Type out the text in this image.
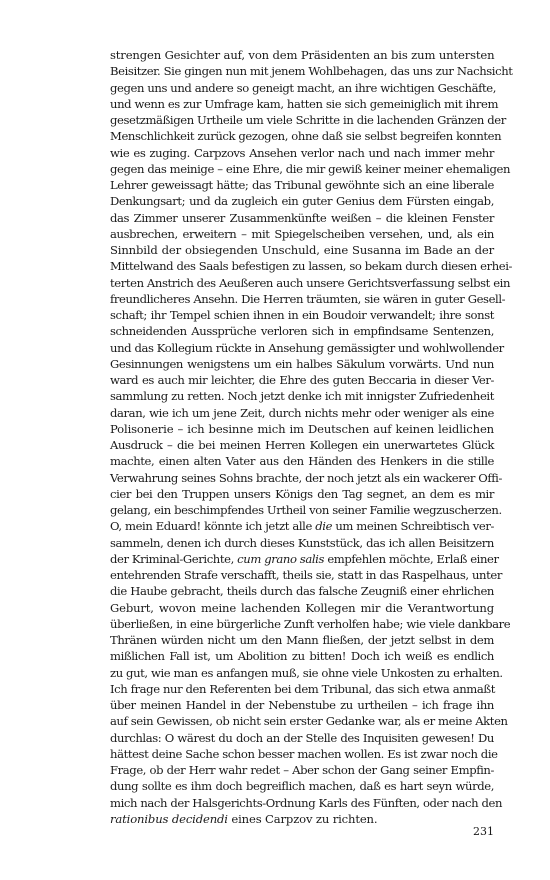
strengen Gesichter auf, von dem Präsidenten an bis zum untersten
Beisitzer. Sie gingen nun mit jenem Wohlbehagen, das uns zur Nachsicht
gegen uns und andere so geneigt macht, an ihre wichtigen Geschäfte,
und wenn es zur Umfrage kam, hatten sie sich gemeiniglich mit ihrem
gesetzmäßigen Urtheile um viele Schritte in die lachenden Gränzen der
Menschlichkeit zurück gezogen, ohne daß sie selbst begreifen konnten
wie es zuging. Carpzovs Ansehen verlor nach und nach immer mehr
gegen das meinige – eine Ehre, die mir gewiß keiner meiner ehemaligen
Lehrer geweissagt hätte; das Tribunal gewöhnte sich an eine liberale
Denkungsart; und da zugleich ein guter Genius dem Fürsten eingab,
das Zimmer unserer Zusammenkünfte weißen – die kleinen Fenster
ausbrechen, erweitern – mit Spiegelscheiben versehen, und, als ein
Sinnbild der obsiegenden Unschuld, eine Susanna im Bade an der
Mittelwand des Saals befestigen zu lassen, so bekam durch diesen erhei-
terten Anstrich des Aeußeren auch unsere Gerichtsverfassung selbst ein
freundlicheres Ansehn. Die Herren träumten, sie wären in guter Gesell-
schaft; ihr Tempel schien ihnen in ein Boudoir verwandelt; ihre sonst
schneidenden Aussprüche verloren sich in empfindsame Sentenzen,
und das Kollegium rückte in Ansehung gemässigter und wohlwollender
Gesinnungen wenigstens um ein halbes Säkulum vorwärts. Und nun
ward es auch mir leichter, die Ehre des guten Beccaria in dieser Ver-
sammlung zu retten. Noch jetzt denke ich mit innigster Zufriedenheit
daran, wie ich um jene Zeit, durch nichts mehr oder weniger als eine
Polisonerie – ich besinne mich im Deutschen auf keinen leidlichen
Ausdruck – die bei meinen Herren Kollegen ein unerwartetes Glück
machte, einen alten Vater aus den Händen des Henkers in die stille
Verwahrung seines Sohns brachte, der noch jetzt als ein wackerer Offi-
cier bei den Truppen unsers Königs den Tag segnet, an dem es mir
gelang, ein beschimpfendes Urtheil von seiner Familie wegzuscherzen.
O, mein Eduard! könnte ich jetzt alle die um meinen Schreibtisch ver-
sammeln, denen ich durch dieses Kunststück, das ich allen Beisitzern
der Kriminal-Gerichte, cum grano salis empfehlen möchte, Erlaß einer
entehrenden Strafe verschafft, theils sie, statt in das Raspelhaus, unter
die Haube gebracht, theils durch das falsche Zeugniß einer ehrlichen
Geburt, wovon meine lachenden Kollegen mir die Verantwortung
überließen, in eine bürgerliche Zunft verholfen habe; wie viele dankbare
Thränen würden nicht um den Mann fließen, der jetzt selbst in dem
mißlichen Fall ist, um Abolition zu bitten! Doch ich weiß es endlich
zu gut, wie man es anfangen muß, sie ohne viele Unkosten zu erhalten.
Ich frage nur den Referenten bei dem Tribunal, das sich etwa anmaßt
über meinen Handel in der Nebenstube zu urtheilen – ich frage ihn
auf sein Gewissen, ob nicht sein erster Gedanke war, als er meine Akten
durchlas: O wärest du doch an der Stelle des Inquisiten gewesen! Du
hättest deine Sache schon besser machen wollen. Es ist zwar noch die
Frage, ob der Herr wahr redet – Aber schon der Gang seiner Empfin-
dung sollte es ihm doch begreiflich machen, daß es hart seyn würde,
mich nach der Halsgerichts-Ordnung Karls des Fünften, oder nach den
rationibus decidendi eines Carpzov zu richten.
231
